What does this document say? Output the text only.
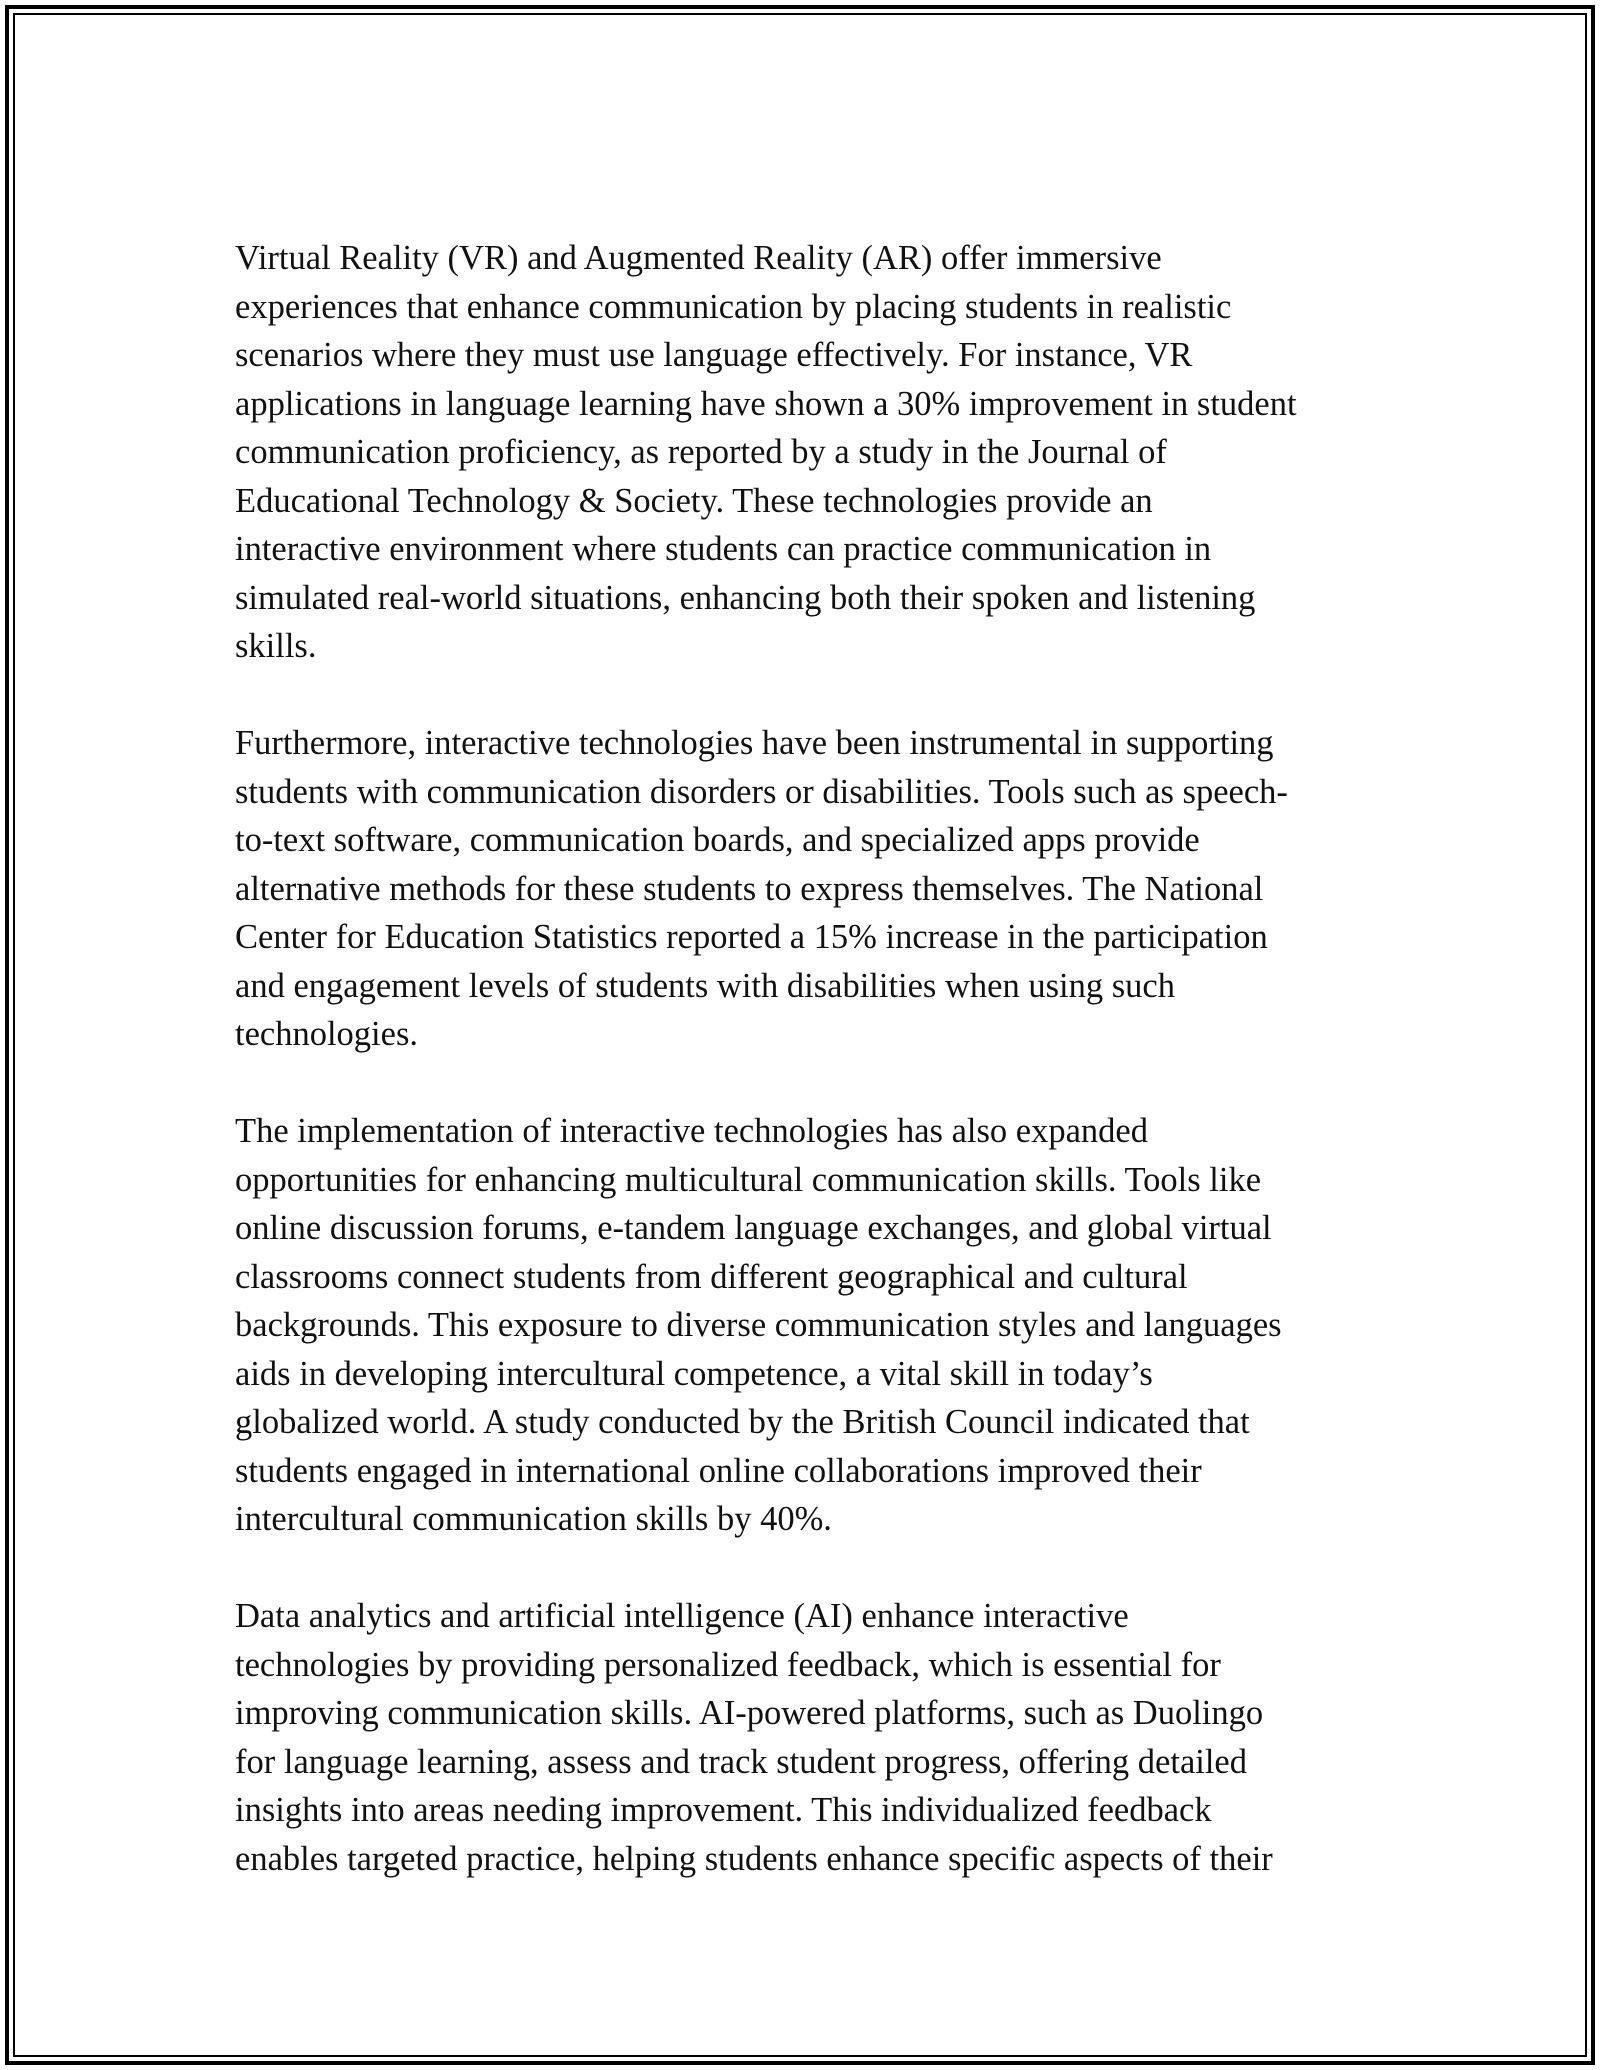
Virtual Reality (VR) and Augmented Reality (AR) offer immersive
experiences that enhance communication by placing students in realistic
scenarios where they must use language effectively. For instance, VR
applications in language learning have shown a 30% improvement in student
communication proficiency, as reported by a study in the Journal of
Educational Technology & Society. These technologies provide an
interactive environment where students can practice communication in
simulated real-world situations, enhancing both their spoken and listening
skills.

Furthermore, interactive technologies have been instrumental in supporting
students with communication disorders or disabilities. Tools such as speech-
to-text software, communication boards, and specialized apps provide
alternative methods for these students to express themselves. The National
Center for Education Statistics reported a 15% increase in the participation
and engagement levels of students with disabilities when using such
technologies.

The implementation of interactive technologies has also expanded
opportunities for enhancing multicultural communication skills. Tools like
online discussion forums, e-tandem language exchanges, and global virtual
classrooms connect students from different geographical and cultural
backgrounds. This exposure to diverse communication styles and languages
aids in developing intercultural competence, a vital skill in today’s
globalized world. A study conducted by the British Council indicated that
students engaged in international online collaborations improved their
intercultural communication skills by 40%.

Data analytics and artificial intelligence (AI) enhance interactive
technologies by providing personalized feedback, which is essential for
improving communication skills. AI-powered platforms, such as Duolingo
for language learning, assess and track student progress, offering detailed
insights into areas needing improvement. This individualized feedback
enables targeted practice, helping students enhance specific aspects of their
